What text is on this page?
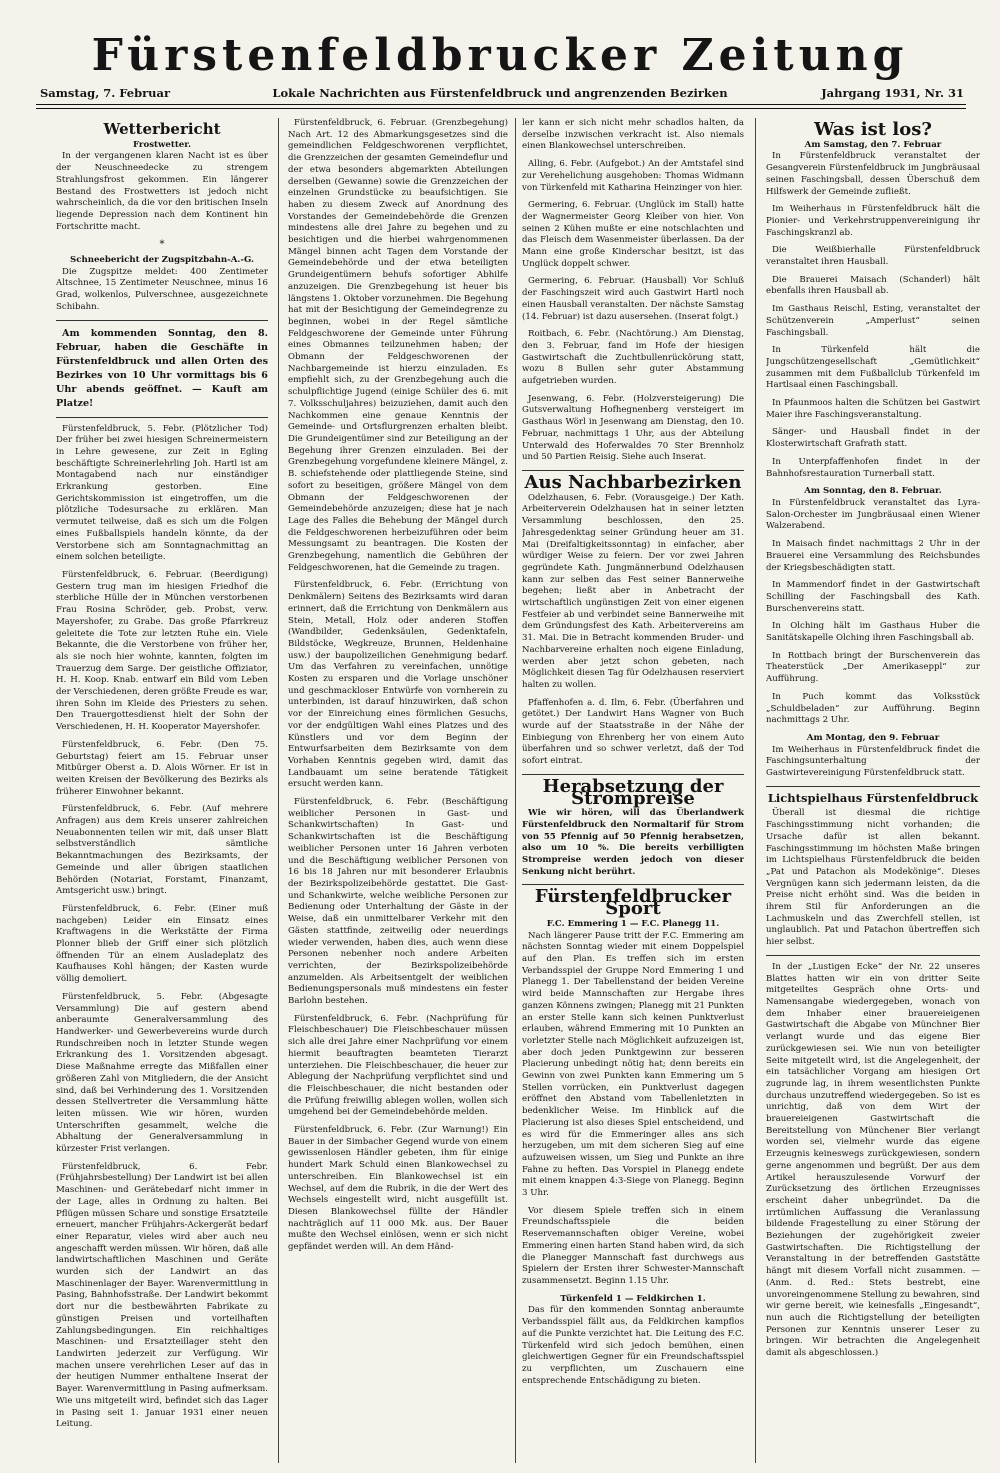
Fürstenfeldbrucker Zeitung
Samstag, 7. Februar	Lokale Nachrichten aus Fürstenfeldbruck und angrenzenden Bezirken	Jahrgang 1931, Nr. 31
Wetterbericht
Frostwetter.

In der vergangenen klaren Nacht ist es über der Neuschneedecke zu strengem Strahlungsfrost gekommen. Ein längerer Bestand des Frostwetters ist jedoch nicht wahrscheinlich, da die vor den britischen Inseln liegende Depression nach dem Kontinent hin Fortschritte macht.

*
Schneebericht der Zugspitzbahn-A.-G.

Die Zugspitze meldet: 400 Zentimeter Altschnee, 15 Zentimeter Neuschnee, minus 16 Grad, wolkenlos, Pulverschnee, ausgezeichnete Schibahn.

Am kommenden Sonntag, den 8. Februar, haben die Geschäfte in Fürstenfeldbruck und allen Orten des Bezirkes von 10 Uhr vormittags bis 6 Uhr abends geöffnet. — Kauft am Platze!

Fürstenfeldbruck, 5. Febr. (Plötzlicher Tod) Der früher bei zwei hiesigen Schreinermeistern in Lehre gewesene, zur Zeit in Egling beschäftigte Schreinerlehrling Joh. Hartl ist am Montagabend nach nur einständiger Erkrankung gestorben. Eine Gerichtskommission ist eingetroffen, um die plötzliche Todesursache zu erklären. Man vermutet teilweise, daß es sich um die Folgen eines Fußballspiels handeln könnte, da der Verstorbene sich am Sonntagnachmittag an einem solchen beteiligte.

Fürstenfeldbruck, 6. Februar. (Beerdigung) Gestern trug man im hiesigen Friedhof die sterbliche Hülle der in München verstorbenen Frau Rosina Schröder, geb. Probst, verw. Mayershofer, zu Grabe. Das große Pfarrkreuz geleitete die Tote zur letzten Ruhe ein. Viele Bekannte, die die Verstorbene von früher her, als sie noch hier wohnte, kannten, folgten im Trauerzug dem Sarge. Der geistliche Offiziator, H. H. Koop. Knab. entwarf ein Bild vom Leben der Verschiedenen, deren größte Freude es war, ihren Sohn im Kleide des Priesters zu sehen. Den Trauergottesdienst hielt der Sohn der Verschiedenen, H. H. Kooperator Mayershofer.

Fürstenfeldbruck, 6. Febr. (Den 75. Geburtstag) feiert am 15. Februar unser Mitbürger Oberst a. D. Alois Wörner. Er ist in weiten Kreisen der Bevölkerung des Bezirks als früherer Einwohner bekannt.

Fürstenfeldbruck, 6. Febr. (Auf mehrere Anfragen) aus dem Kreis unserer zahlreichen Neuabonnenten teilen wir mit, daß unser Blatt selbstverständlich sämtliche Bekanntmachungen des Bezirksamts, der Gemeinde und aller übrigen staatlichen Behörden (Notariat, Forstamt, Finanzamt, Amtsgericht usw.) bringt.

Fürstenfeldbruck, 6. Febr. (Einer muß nachgeben) Leider ein Einsatz eines Kraftwagens in die Werkstätte der Firma Plonner blieb der Griff einer sich plötzlich öffnenden Tür an einem Ausladeplatz des Kaufhauses Kohl hängen; der Kasten wurde völlig demoliert.

Fürstenfeldbruck, 5. Febr. (Abgesagte Versammlung) Die auf gestern abend anberaumte Generalversammlung des Handwerker- und Gewerbevereins wurde durch Rundschreiben noch in letzter Stunde wegen Erkrankung des 1. Vorsitzenden abgesagt. Diese Maßnahme erregte das Mißfallen einer größeren Zahl von Mitgliedern, die der Ansicht sind, daß bei Verhinderung des 1. Vorsitzenden dessen Stellvertreter die Versammlung hätte leiten müssen. Wie wir hören, wurden Unterschriften gesammelt, welche die Abhaltung der Generalversammlung in kürzester Frist verlangen.

Fürstenfeldbruck, 6. Febr. (Frühjahrsbestellung) Der Landwirt ist bei allen Maschinen- und Gerätebedarf nicht immer in der Lage, alles in Ordnung zu halten. Bei Pflügen müssen Schare und sonstige Ersatzteile erneuert, mancher Frühjahrs-Ackergerät bedarf einer Reparatur, vieles wird aber auch neu angeschafft werden müssen. Wir hören, daß alle landwirtschaftlichen Maschinen und Geräte wurden sich der Landwirt an das Maschinenlager der Bayer. Warenvermittlung in Pasing, Bahnhofsstraße. Der Landwirt bekommt dort nur die bestbewährten Fabrikate zu günstigen Preisen und vorteilhaften Zahlungsbedingungen. Ein reichhaltiges Maschinen- und Ersatzteillager steht den Landwirten jederzeit zur Verfügung. Wir machen unsere verehrlichen Leser auf das in der heutigen Nummer enthaltene Inserat der Bayer. Warenvermittlung in Pasing aufmerksam. Wie uns mitgeteilt wird, befindet sich das Lager in Pasing seit 1. Januar 1931 einer neuen Leitung.

Fürstenfeldbruck, 6. Februar. (Grenzbegehung) Nach Art. 12 des Abmarkungsgesetzes sind die gemeindlichen Feldgeschworenen verpflichtet, die Grenzzeichen der gesamten Gemeindeflur und der etwa besonders abgemarkten Abteilungen derselben (Gewanne) sowie die Grenzzeichen der einzelnen Grundstücke zu beaufsichtigen. Sie haben zu diesem Zweck auf Anordnung des Vorstandes der Gemeindebehörde die Grenzen mindestens alle drei Jahre zu begehen und zu besichtigen und die hierbei wahrgenommenen Mängel binnen acht Tagen dem Vorstande der Gemeindebehörde und der etwa beteiligten Grundeigentümern behufs sofortiger Abhilfe anzuzeigen. Die Grenzbegehung ist heuer bis längstens 1. Oktober vorzunehmen. Die Begehung hat mit der Besichtigung der Gemeindegrenze zu beginnen, wobei in der Regel sämtliche Feldgeschworene der Gemeinde unter Führung eines Obmannes teilzunehmen haben; der Obmann der Feldgeschworenen der Nachbargemeinde ist hierzu einzuladen. Es empfiehlt sich, zu der Grenzbegehung auch die schulpflichtige Jugend (einige Schüler des 6. mit 7. Volksschuljahres) beizuziehen, damit auch den Nachkommen eine genaue Kenntnis der Gemeinde- und Ortsflurgrenzen erhalten bleibt. Die Grundeigentümer sind zur Beteiligung an der Begehung ihrer Grenzen einzuladen. Bei der Grenzbegehung vorgefundene kleinere Mängel, z. B. schiefstehende oder plattliegende Steine, sind sofort zu beseitigen, größere Mängel von dem Obmann der Feldgeschworenen der Gemeindebehörde anzuzeigen; diese hat je nach Lage des Falles die Behebung der Mängel durch die Feldgeschworenen herbeizuführen oder beim Messungsamt zu beantragen. Die Kosten der Grenzbegehung, namentlich die Gebühren der Feldgeschworenen, hat die Gemeinde zu tragen.

Fürstenfeldbruck, 6. Febr. (Errichtung von Denkmälern) Seitens des Bezirksamts wird daran erinnert, daß die Errichtung von Denkmälern aus Stein, Metall, Holz oder anderen Stoffen (Wandbilder, Gedenksäulen, Gedenktafeln, Bildstöcke, Wegkreuze, Brunnen, Heldenhaine usw.) der baupolizeilichen Genehmigung bedarf. Um das Verfahren zu vereinfachen, unnötige Kosten zu ersparen und die Vorlage unschöner und geschmackloser Entwürfe von vornherein zu unterbinden, ist darauf hinzuwirken, daß schon vor der Einreichung eines förmlichen Gesuchs, vor der endgültigen Wahl eines Platzes und des Künstlers und vor dem Beginn der Entwurfsarbeiten dem Bezirksamte von dem Vorhaben Kenntnis gegeben wird, damit das Landbauamt um seine beratende Tätigkeit ersucht werden kann.

Fürstenfeldbruck, 6. Febr. (Beschäftigung weiblicher Personen in Gast- und Schankwirtschaften) In Gast- und Schankwirtschaften ist die Beschäftigung weiblicher Personen unter 16 Jahren verboten und die Beschäftigung weiblicher Personen von 16 bis 18 Jahren nur mit besonderer Erlaubnis der Bezirkspolizeibehörde gestattet. Die Gast- und Schankwirte, welche weibliche Personen zur Bedienung oder Unterhaltung der Gäste in der Weise, daß ein unmittelbarer Verkehr mit den Gästen stattfinde, zeitweilig oder neuerdings wieder verwenden, haben dies, auch wenn diese Personen nebenher noch andere Arbeiten verrichten, der Bezirkspolizeibehörde anzumelden. Als Arbeitsentgelt der weiblichen Bedienungspersonals muß mindestens ein fester Barlohn bestehen.

Fürstenfeldbruck, 6. Febr. (Nachprüfung für Fleischbeschauer) Die Fleischbeschauer müssen sich alle drei Jahre einer Nachprüfung vor einem hiermit beauftragten beamteten Tierarzt unterziehen. Die Fleischbeschauer, die heuer zur Ablegung der Nachprüfung verpflichtet sind und die Fleischbeschauer, die nicht bestanden oder die Prüfung freiwillig ablegen wollen, wollen sich umgehend bei der Gemeindebehörde melden.

Fürstenfeldbruck, 6. Febr. (Zur Warnung!) Ein Bauer in der Simbacher Gegend wurde von einem gewissenlosen Händler gebeten, ihm für einige hundert Mark Schuld einen Blankowechsel zu unterschreiben. Ein Blankowechsel ist ein Wechsel, auf dem die Rubrik, in die der Wert des Wechsels eingestellt wird, nicht ausgefüllt ist. Diesen Blankowechsel füllte der Händler nachträglich auf 11 000 Mk. aus. Der Bauer mußte den Wechsel einlösen, wenn er sich nicht gepfändet werden will. An dem Händ-

ler kann er sich nicht mehr schadlos halten, da derselbe inzwischen verkracht ist. Also niemals einen Blankowechsel unterschreiben.

Alling, 6. Febr. (Aufgebot.) An der Amtstafel sind zur Verehelichung ausgehoben: Thomas Widmann von Türkenfeld mit Katharina Heinzinger von hier.

Germering, 6. Februar. (Unglück im Stall) hatte der Wagnermeister Georg Kleiber von hier. Von seinen 2 Kühen mußte er eine notschlachten und das Fleisch dem Wasenmeister überlassen. Da der Mann eine große Kinderschar besitzt, ist das Unglück doppelt schwer.

Germering, 6. Februar. (Hausball) Vor Schluß der Faschingszeit wird auch Gastwirt Hartl noch einen Hausball veranstalten. Der nächste Samstag (14. Februar) ist dazu ausersehen. (Inserat folgt.)

Roitbach, 6. Febr. (Nachtörung.) Am Dienstag, den 3. Februar, fand im Hofe der hiesigen Gastwirtschaft die Zuchtbullenrückörung statt, wozu 8 Bullen sehr guter Abstammung aufgetrieben wurden.

Jesenwang, 6. Febr. (Holzversteigerung) Die Gutsverwaltung Hofhegnenberg versteigert im Gasthaus Wörl in Jesenwang am Dienstag, den 10. Februar, nachmittags 1 Uhr, aus der Abteilung Unterwald des Hoferwaldes 70 Ster Brennholz und 50 Partien Reisig. Siehe auch Inserat.

Aus Nachbarbezirken

Odelzhausen, 6. Febr. (Vorausgeige.) Der Kath. Arbeiterverein Odelzhausen hat in seiner letzten Versammlung beschlossen, den 25. Jahresgedenktag seiner Gründung heuer am 31. Mai (Dreifaltigkeitssonntag) in einfacher, aber würdiger Weise zu feiern. Der vor zwei Jahren gegründete Kath. Jungmännerbund Odelzhausen kann zur selben das Fest seiner Bannerweihe begehen; ließt aber in Anbetracht der wirtschaftlich ungünstigen Zeit von einer eigenen Festfeier ab und verbindet seine Bannerweihe mit dem Gründungsfest des Kath. Arbeitervereins am 31. Mai. Die in Betracht kommenden Bruder- und Nachbarvereine erhalten noch eigene Einladung, werden aber jetzt schon gebeten, nach Möglichkeit diesen Tag für Odelzhausen reserviert halten zu wollen.

Pfaffenhofen a. d. Ilm, 6. Febr. (Überfahren und getötet.) Der Landwirt Hans Wagner von Buch wurde auf der Staatsstraße in der Nähe der Einbiegung von Ehrenberg her von einem Auto überfahren und so schwer verletzt, daß der Tod sofort eintrat.

Herabsetzung der Strompreise

Wie wir hören, will das Überlandwerk Fürstenfeldbruck den Normaltarif für Strom von 55 Pfennig auf 50 Pfennig herabsetzen, also um 10 %. Die bereits verbilligten Strompreise werden jedoch von dieser Senkung nicht berührt.

Fürstenfeldbrucker Sport
F.C. Emmering 1 — F.C. Planegg 11.

Nach längerer Pause tritt der F.C. Emmering am nächsten Sonntag wieder mit einem Doppelspiel auf den Plan. Es treffen sich im ersten Verbandsspiel der Gruppe Nord Emmering 1 und Planegg 1. Der Tabellenstand der beiden Vereine wird beide Mannschaften zur Hergabe ihres ganzen Könnens zwingen; Planegg mit 21 Punkten an erster Stelle kann sich keinen Punktverlust erlauben, während Emmering mit 10 Punkten an vorletzter Stelle nach Möglichkeit aufzuzeigen ist, aber doch jeden Punktgewinn zur besseren Placierung unbedingt nötig hat; denn bereits ein Gewinn von zwei Punkten kann Emmering um 5 Stellen vorrücken, ein Punktverlust dagegen eröffnet den Abstand vom Tabellenletzten in bedenklicher Weise. Im Hinblick auf die Placierung ist also dieses Spiel entscheidend, und es wird für die Emmeringer alles ans sich herzugeben, um mit dem sicheren Sieg auf eine aufzuweisen wissen, um Sieg und Punkte an ihre Fahne zu heften. Das Vorspiel in Planegg endete mit einem knappen 4:3-Siege von Planegg. Beginn 3 Uhr.

Vor diesem Spiele treffen sich in einem Freundschaftsspiele die beiden Reservemannschaften obiger Vereine, wobei Emmering einen harten Stand haben wird, da sich die Planegger Mannschaft fast durchwegs aus Spielern der Ersten ihrer Schwester-Mannschaft zusammensetzt. Beginn 1.15 Uhr.

Türkenfeld 1 — Feldkirchen 1.

Das für den kommenden Sonntag anberaumte Verbandsspiel fällt aus, da Feldkirchen kampflos auf die Punkte verzichtet hat. Die Leitung des F.C. Türkenfeld wird sich jedoch bemühen, einen gleichwertigen Gegner für ein Freundschaftsspiel zu verpflichten, um Zuschauern eine entsprechende Entschädigung zu bieten.

Was ist los?
Am Samstag, den 7. Februar

In Fürstenfeldbruck veranstaltet der Gesangverein Fürstenfeldbruck im Jungbräusaal seinen Faschingsball, dessen Überschuß dem Hilfswerk der Gemeinde zufließt.

Im Weiherhaus in Fürstenfeldbruck hält die Pionier- und Verkehrstruppenvereinigung ihr Faschingskranzl ab.

Die Weißbierhalle Fürstenfeldbruck veranstaltet ihren Hausball.

Die Brauerei Maisach (Schanderl) hält ebenfalls ihren Hausball ab.

Im Gasthaus Reischl, Esting, veranstaltet der Schützenverein „Amperlust“ seinen Faschingsball.

In Türkenfeld hält die Jungschützengesellschaft „Gemütlichkeit“ zusammen mit dem Fußballclub Türkenfeld im Hartlsaal einen Faschingsball.

In Pfaunmoos halten die Schützen bei Gastwirt Maier ihre Faschingsveranstaltung.

Sänger- und Hausball findet in der Klosterwirtschaft Grafrath statt.

In Unterpfaffenhofen findet in der Bahnhofsrestauration Turnerball statt.

Am Sonntag, den 8. Februar.

In Fürstenfeldbruck veranstaltet das Lyra-Salon-Orchester im Jungbräusaal einen Wiener Walzerabend.

In Maisach findet nachmittags 2 Uhr in der Brauerei eine Versammlung des Reichsbundes der Kriegsbeschädigten statt.

In Mammendorf findet in der Gastwirtschaft Schilling der Faschingsball des Kath. Burschenvereins statt.

In Olching hält im Gasthaus Huber die Sanitätskapelle Olching ihren Faschingsball ab.

In Rottbach bringt der Burschenverein das Theaterstück „Der Amerikaseppl“ zur Aufführung.

In Puch kommt das Volksstück „Schuldbeladen“ zur Aufführung. Beginn nachmittags 2 Uhr.

Am Montag, den 9. Februar

Im Weiherhaus in Fürstenfeldbruck findet die Faschingsunterhaltung der Gastwirtevereinigung Fürstenfeldbruck statt.

Lichtspielhaus Fürstenfeldbruck

Überall ist diesmal die richtige Faschingsstimmung nicht vorhanden; die Ursache dafür ist allen bekannt. Faschingsstimmung im höchsten Maße bringen im Lichtspielhaus Fürstenfeldbruck die beiden „Pat und Patachon als Modekönige“. Dieses Vergnügen kann sich jedermann leisten, da die Preise nicht erhöht sind. Was die beiden in ihrem Stil für Anforderungen an die Lachmuskeln und das Zwerchfell stellen, ist unglaublich. Pat und Patachon übertreffen sich hier selbst.

In der „Lustigen Ecke“ der Nr. 22 unseres Blattes hatten wir ein von dritter Seite mitgeteiltes Gespräch ohne Orts- und Namensangabe wiedergegeben, wonach von dem Inhaber einer brauereieigenen Gastwirtschaft die Abgabe von Münchner Bier verlangt wurde und das eigene Bier zurückgewiesen sei. Wie nun von beteiligter Seite mitgeteilt wird, ist die Angelegenheit, der ein tatsächlicher Vorgang am hiesigen Ort zugrunde lag, in ihrem wesentlichsten Punkte durchaus unzutreffend wiedergegeben. So ist es unrichtig, daß von dem Wirt der brauereieigenen Gastwirtschaft die Bereitstellung von Münchener Bier verlangt worden sei, vielmehr wurde das eigene Erzeugnis keineswegs zurückgewiesen, sondern gerne angenommen und begrüßt. Der aus dem Artikel herauszulesende Vorwurf der Zurücksetzung des örtlichen Erzeugnisses erscheint daher unbegründet. Da die irrtümlichen Auffassung die Veranlassung bildende Fragestellung zu einer Störung der Beziehungen der zugehörigkeit zweier Gastwirtschaften. Die Richtigstellung der Veranstaltung in der betreffenden Gaststätte hängt mit diesem Vorfall nicht zusammen. — (Anm. d. Red.: Stets bestrebt, eine unvoreingenommene Stellung zu bewahren, sind wir gerne bereit, wie keinesfalls „Eingesandt“, nun auch die Richtigstellung der beteiligten Personen zur Kenntnis unserer Leser zu bringen. Wir betrachten die Angelegenheit damit als abgeschlossen.)
